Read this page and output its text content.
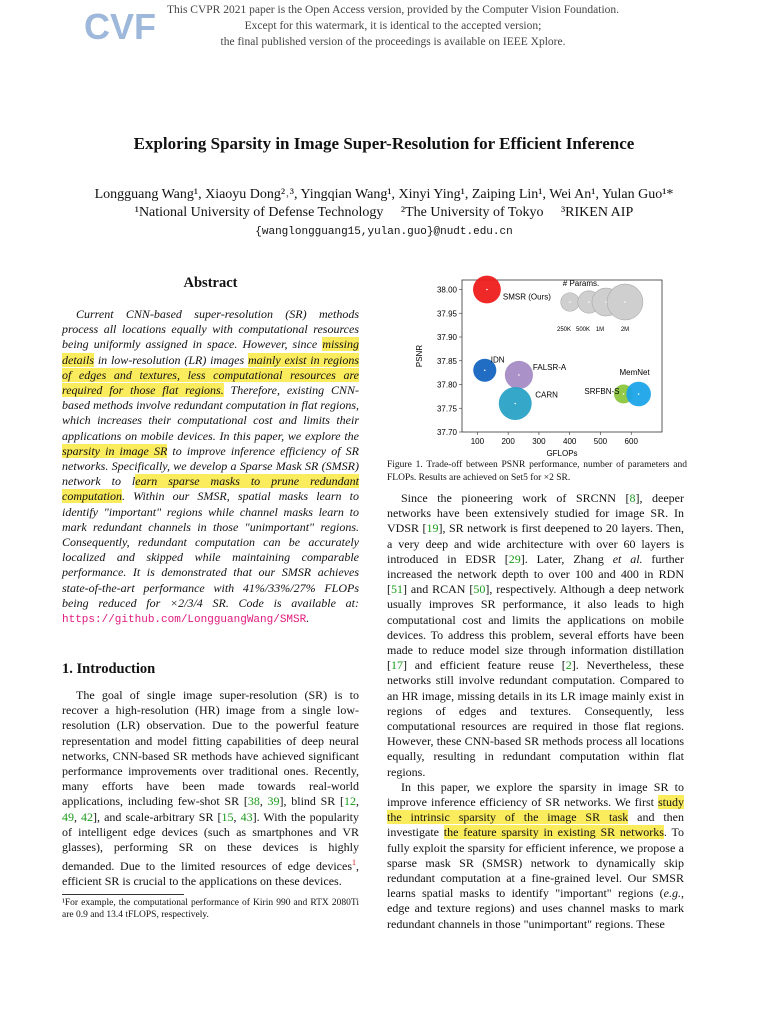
CVF This CVPR 2021 paper is the Open Access version, provided by the Computer Vision Foundation.
Except for this watermark, it is identical to the accepted version;
the final published version of the proceedings is available on IEEE Xplore.
Exploring Sparsity in Image Super-Resolution for Efficient Inference
Longguang Wang¹, Xiaoyu Dong²˒³, Yingqian Wang¹, Xinyi Ying¹, Zaiping Lin¹, Wei An¹, Yulan Guo¹*
¹National University of Defense Technology ²The University of Tokyo ³RIKEN AIP
{wanglongguang15,yulan.guo}@nudt.edu.cn
Abstract

Current CNN-based super-resolution (SR) methods process all locations equally with computational resources being uniformly assigned in space. However, since missing details in low-resolution (LR) images mainly exist in regions of edges and textures, less computational resources are required for those flat regions. Therefore, existing CNN-based methods involve redundant computation in flat regions, which increases their computational cost and limits their applications on mobile devices. In this paper, we explore the sparsity in image SR to improve inference efficiency of SR networks. Specifically, we develop a Sparse Mask SR (SMSR) network to learn sparse masks to prune redundant computation. Within our SMSR, spatial masks learn to identify "important" regions while channel masks learn to mark redundant channels in those "unimportant" regions. Consequently, redundant computation can be accurately localized and skipped while maintaining comparable performance. It is demonstrated that our SMSR achieves state-of-the-art performance with 41%/33%/27% FLOPs being reduced for ×2/3/4 SR. Code is available at: https://github.com/LongguangWang/SMSR.

1. Introduction

The goal of single image super-resolution (SR) is to recover a high-resolution (HR) image from a single low-resolution (LR) observation. Due to the powerful feature representation and model fitting capabilities of deep neural networks, CNN-based SR methods have achieved significant performance improvements over traditional ones. Recently, many efforts have been made towards real-world applications, including few-shot SR [38, 39], blind SR [12, 49, 42], and scale-arbitrary SR [15, 43]. With the popularity of intelligent edge devices (such as smartphones and VR glasses), performing SR on these devices is highly demanded. Due to the limited resources of edge devices$^1$, efficient SR is crucial to the applications on these devices.

¹For example, the computational performance of Kirin 990 and RTX 2080Ti are 0.9 and 13.4 tFLOPS, respectively.
37.70
37.75
37.80
37.85
37.90
37.95
38.00
100 200 300 400 500 600
# Params.
250K 500K 1M	2M
SMSR (Ours)
IDN
FALSR-A
CARN	SRFBN-S
MemNet
PSNR
GFLOPs
Figure 1. Trade-off between PSNR performance, number of parameters and FLOPs. Results are achieved on Set5 for ×2 SR.

Since the pioneering work of SRCNN [8], deeper networks have been extensively studied for image SR. In VDSR [19], SR network is first deepened to 20 layers. Then, a very deep and wide architecture with over 60 layers is introduced in EDSR [29]. Later, Zhang et al. further increased the network depth to over 100 and 400 in RDN [51] and RCAN [50], respectively. Although a deep network usually improves SR performance, it also leads to high computational cost and limits the applications on mobile devices. To address this problem, several efforts have been made to reduce model size through information distillation [17] and efficient feature reuse [2]. Nevertheless, these networks still involve redundant computation. Compared to an HR image, missing details in its LR image mainly exist in regions of edges and textures. Consequently, less computational resources are required in those flat regions. However, these CNN-based SR methods process all locations equally, resulting in redundant computation within flat regions.

In this paper, we explore the sparsity in image SR to improve inference efficiency of SR networks. We first study the intrinsic sparsity of the image SR task and then investigate the feature sparsity in existing SR networks. To fully exploit the sparsity for efficient inference, we propose a sparse mask SR (SMSR) network to dynamically skip redundant computation at a fine-grained level. Our SMSR learns spatial masks to identify "important" regions (e.g., edge and texture regions) and uses channel masks to mark redundant channels in those "unimportant" regions. These
